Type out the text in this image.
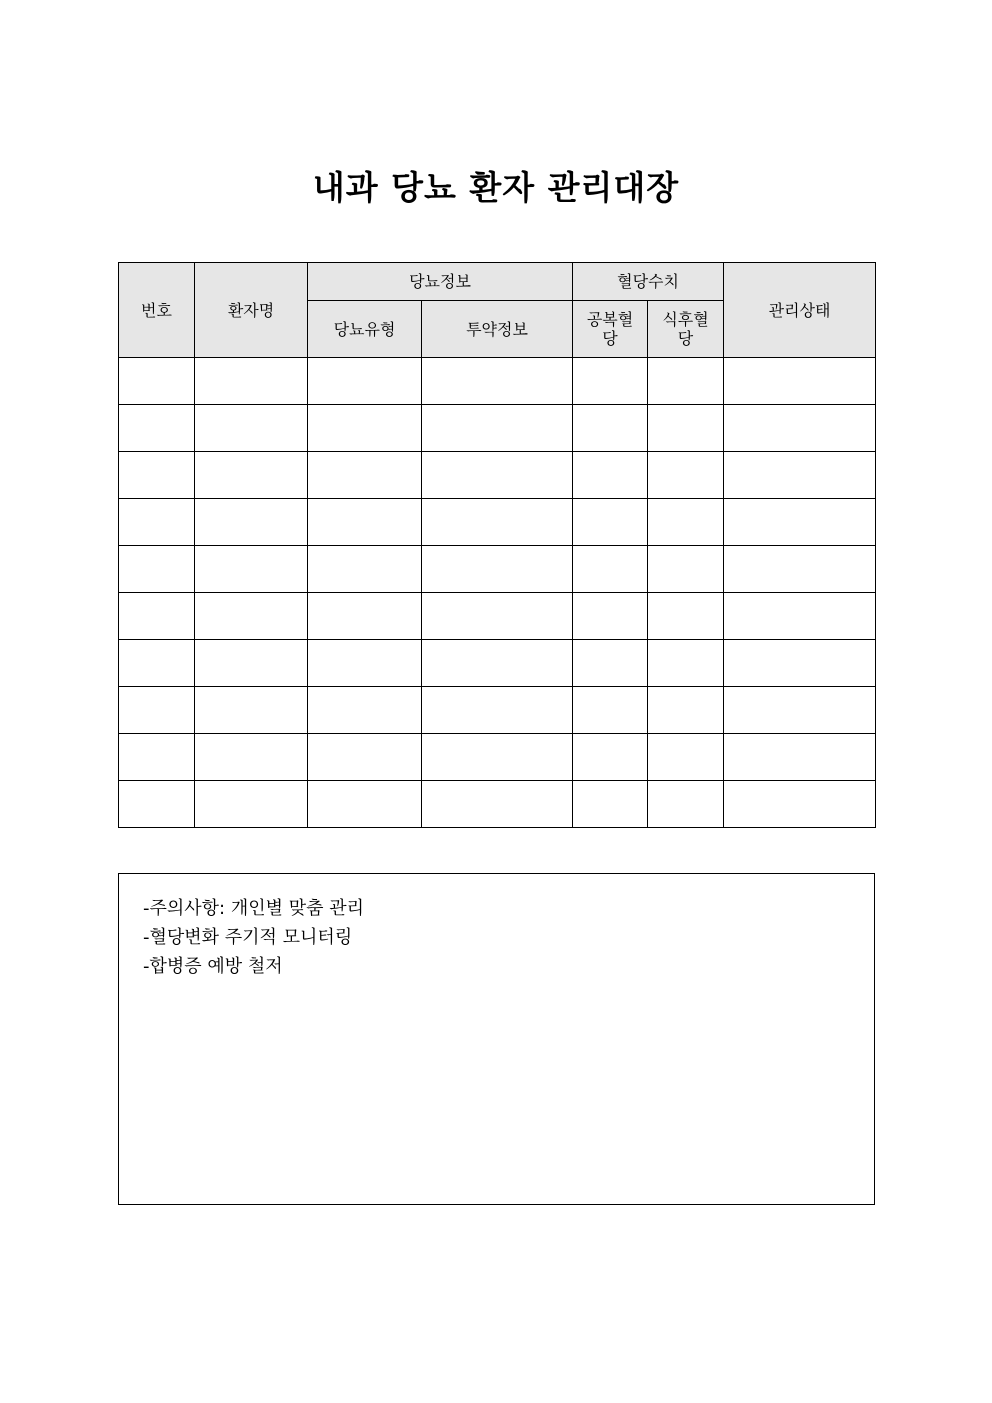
내과 당뇨 환자 관리대장
번호	환자명	당뇨정보		혈당수치		관리상태
		당뇨유형	투약정보	공복혈당	식후혈당	

-주의사항: 개인별 맞춤 관리
-혈당변화 주기적 모니터링
-합병증 예방 철저
